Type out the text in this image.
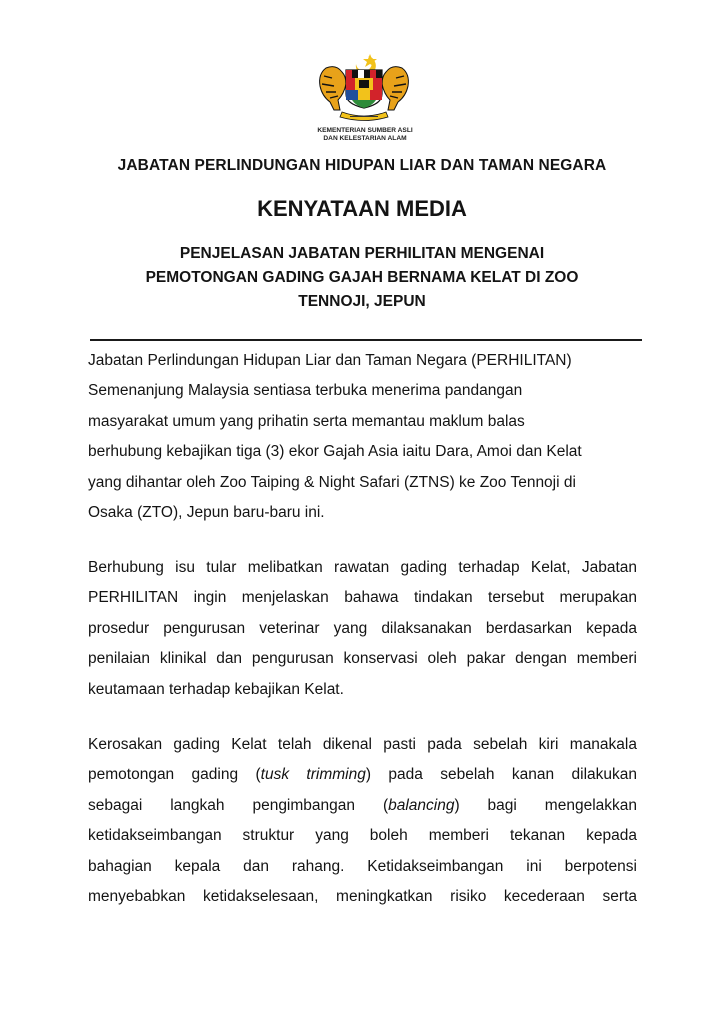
KEMENTERIAN SUMBER ASLI
DAN KELESTARIAN ALAM
JABATAN PERLINDUNGAN HIDUPAN LIAR DAN TAMAN NEGARA
KENYATAAN MEDIA
PENJELASAN JABATAN PERHILITAN MENGENAI
PEMOTONGAN GADING GAJAH BERNAMA KELAT DI ZOO
TENNOJI, JEPUN
Jabatan Perlindungan Hidupan Liar dan Taman Negara (PERHILITAN)
Semenanjung Malaysia sentiasa terbuka menerima pandangan
masyarakat umum yang prihatin serta memantau maklum balas
berhubung kebajikan tiga (3) ekor Gajah Asia iaitu Dara, Amoi dan Kelat
yang dihantar oleh Zoo Taiping & Night Safari (ZTNS) ke Zoo Tennoji di
Osaka (ZTO), Jepun baru-baru ini.
Berhubung isu tular melibatkan rawatan gading terhadap Kelat, Jabatan
PERHILITAN ingin menjelaskan bahawa tindakan tersebut merupakan
prosedur pengurusan veterinar yang dilaksanakan berdasarkan kepada
penilaian klinikal dan pengurusan konservasi oleh pakar dengan memberi
keutamaan terhadap kebajikan Kelat.
Kerosakan gading Kelat telah dikenal pasti pada sebelah kiri manakala
pemotongan gading (tusk trimming) pada sebelah kanan dilakukan
sebagai langkah pengimbangan (balancing) bagi mengelakkan
ketidakseimbangan struktur yang boleh memberi tekanan kepada
bahagian kepala dan rahang. Ketidakseimbangan ini berpotensi
menyebabkan ketidakselesaan, meningkatkan risiko kecederaan serta
